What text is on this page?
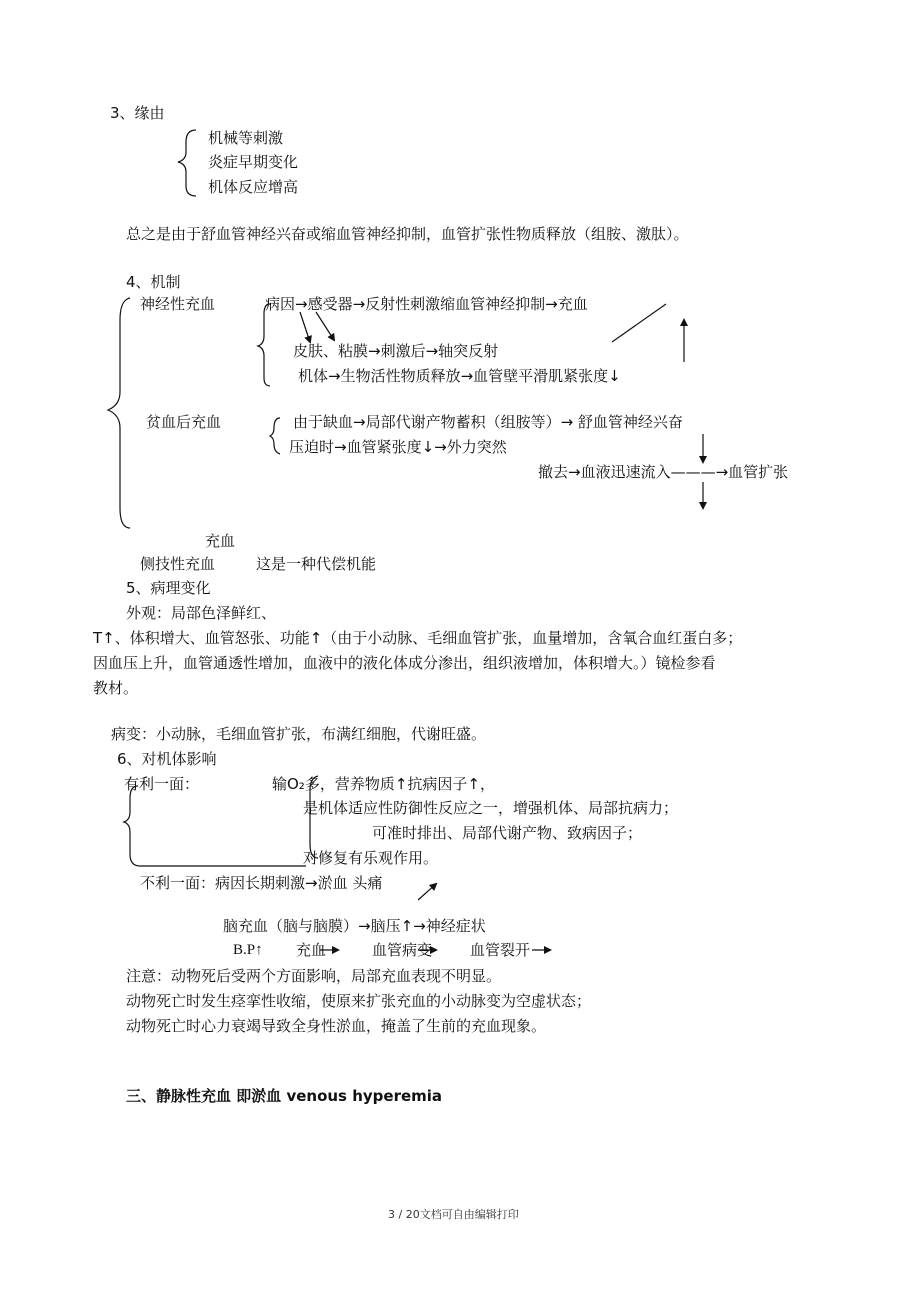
3、缘由
机械等刺激
炎症早期变化
机体反应增高
总之是由于舒血管神经兴奋或缩血管神经抑制，血管扩张性物质释放（组胺、激肽）。
4、机制
神经性充血	病因→感受器→反射性刺激缩血管神经抑制→充血
皮肤、粘膜→刺激后→轴突反射
机体→生物活性物质释放→血管壁平滑肌紧张度↓
贫血后充血	由于缺血→局部代谢产物蓄积（组胺等）→ 舒血管神经兴奋
压迫时→血管紧张度↓→外力突然
撤去→血液迅速流入———→血管扩张
充血
侧技性充血	这是一种代偿机能
5、病理变化
外观：局部色泽鲜红、
T↑、体积增大、血管怒张、功能↑（由于小动脉、毛细血管扩张，血量增加，含氧合血红蛋白多；
因血压上升，血管通透性增加，血液中的液化体成分渗出，组织液增加，体积增大。）镜检参看
教材。
病变：小动脉，毛细血管扩张，布满红细胞，代谢旺盛。
6、对机体影响
有利一面：	输O₂多，营养物质↑抗病因子↑，
是机体适应性防御性反应之一，增强机体、局部抗病力；
可准时排出、局部代谢产物、致病因子；
对修复有乐观作用。
不利一面：病因长期刺激→淤血 头痛
脑充血（脑与脑膜）→脑压↑→神经症状
B.P↑ 充血	血管病变	血管裂开
注意：动物死后受两个方面影响，局部充血表现不明显。
动物死亡时发生痉挛性收缩，使原来扩张充血的小动脉变为空虚状态；
动物死亡时心力衰竭导致全身性淤血，掩盖了生前的充血现象。
三、静脉性充血 即淤血 venous hyperemia
3 / 20文档可自由编辑打印
